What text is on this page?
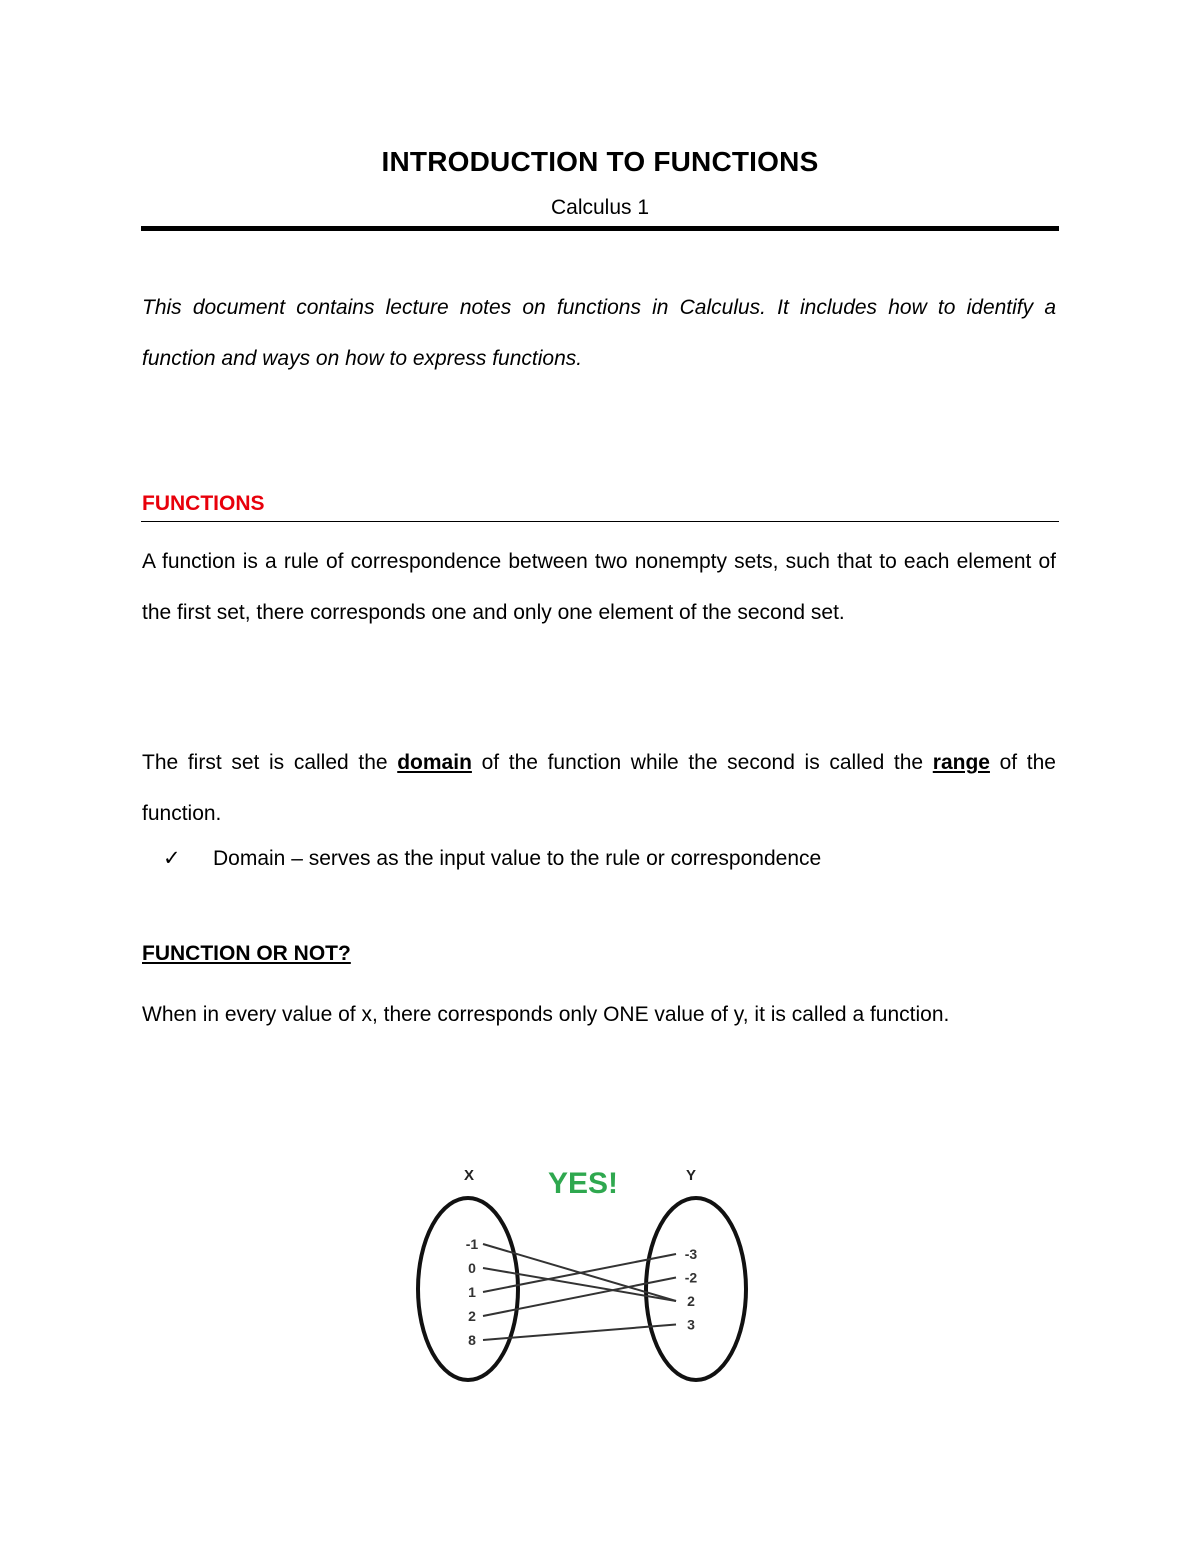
INTRODUCTION TO FUNCTIONS
Calculus 1
This document contains lecture notes on functions in Calculus. It includes how to identify a function and ways on how to express functions.
FUNCTIONS
A function is a rule of correspondence between two nonempty sets, such that to each element of the first set, there corresponds one and only one element of the second set.
The first set is called the domain of the function while the second is called the range of the function.
✓ Domain – serves as the input value to the rule or correspondence
FUNCTION OR NOT?
When in every value of x, there corresponds only ONE value of y, it is called a function.
X	Y
YES!
-1
0
1
2
8
-3
-2
2
3
